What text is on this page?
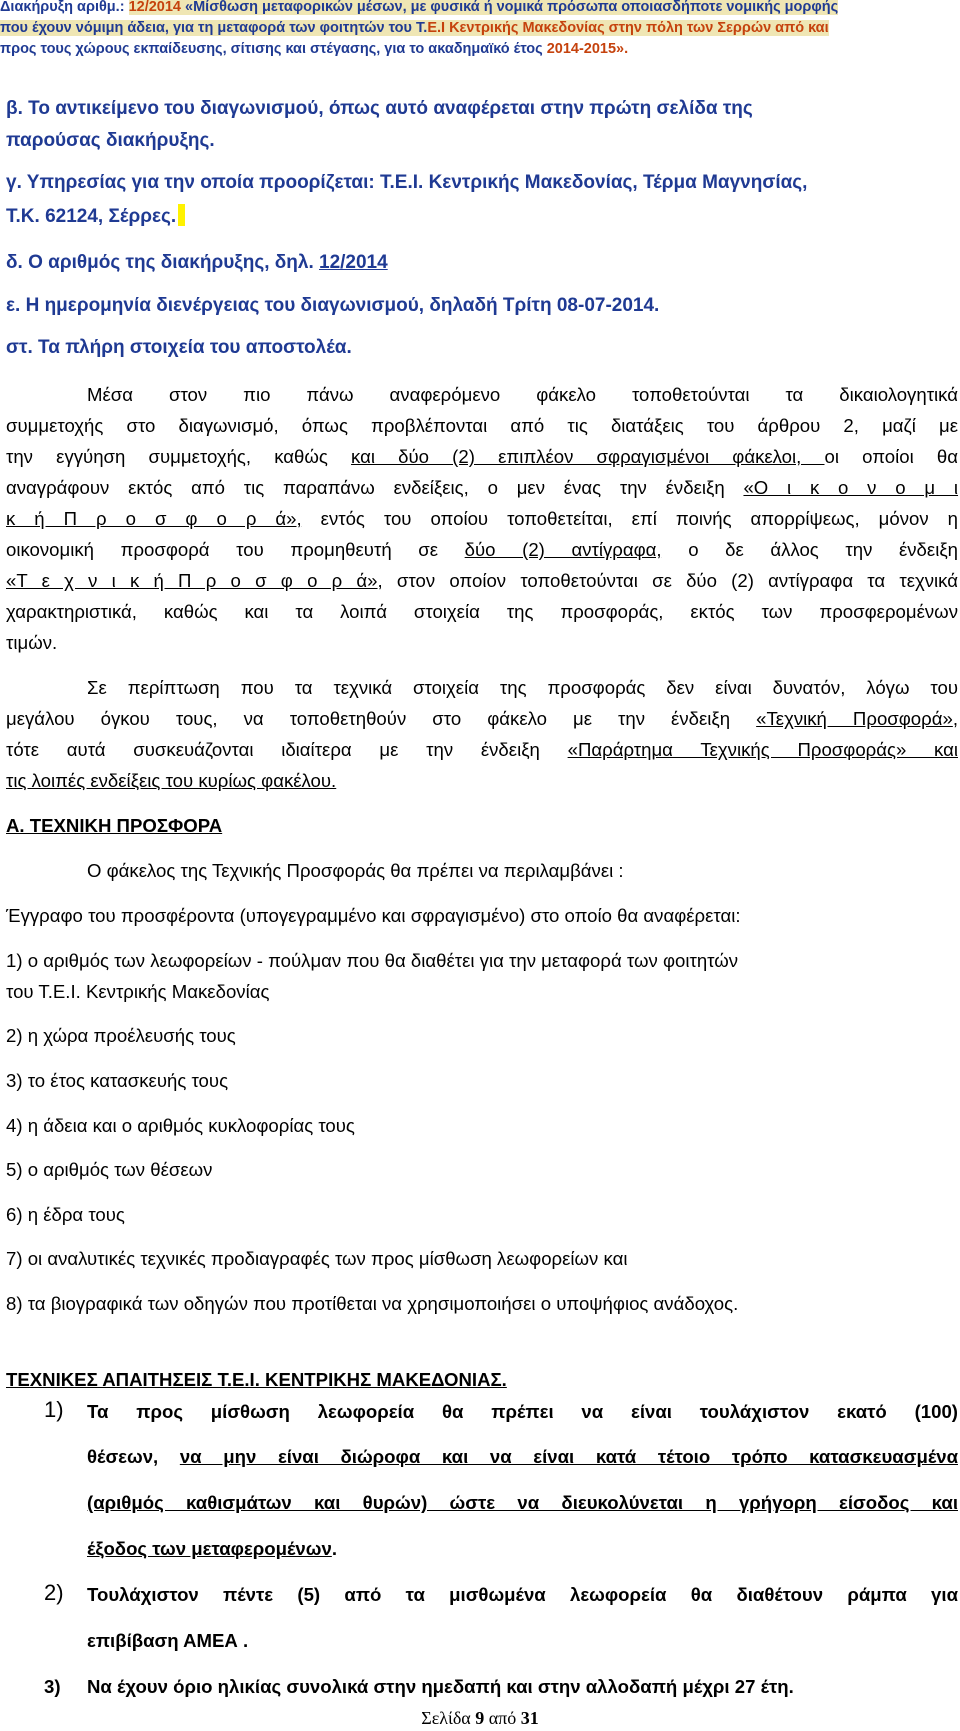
Διακήρυξη αριθμ.: 12/2014 «Μίσθωση μεταφορικών μέσων, με φυσικά ή νομικά πρόσωπα οποιασδήποτε νομικής μορφής
που έχουν νόμιμη άδεια, για τη μεταφορά των φοιτητών του Τ.Ε.Ι Κεντρικής Μακεδονίας στην πόλη των Σερρών από και
προς τους χώρους εκπαίδευσης, σίτισης και στέγασης, για το ακαδημαϊκό έτος 2014-2015».
β. Το αντικείμενο του διαγωνισμού, όπως αυτό αναφέρεται στην πρώτη σελίδα της
παρούσας διακήρυξης.
γ. Υπηρεσίας για την οποία προορίζεται: Τ.Ε.Ι. Κεντρικής Μακεδονίας, Τέρμα Μαγνησίας,
Τ.Κ. 62124, Σέρρες.
δ. Ο αριθμός της διακήρυξης, δηλ. 12/2014
ε. Η ημερομηνία διενέργειας του διαγωνισμού, δηλαδή Τρίτη 08-07-2014.
στ. Τα πλήρη στοιχεία του αποστολέα.
Μέσα στον πιο πάνω αναφερόμενο φάκελο τοποθετούνται τα δικαιολογητικά
συμμετοχής στο διαγωνισμό, όπως προβλέπονται από τις διατάξεις του άρθρου 2, μαζί με
την εγγύηση συμμετοχής, καθώς και δύο (2) επιπλέον σφραγισμένοι φάκελοι, οι οποίοι θα
αναγράφουν εκτός από τις παραπάνω ενδείξεις, ο μεν ένας την ένδειξη «Ο ι κ ο ν ο μ ι
κ ή Π ρ ο σ φ ο ρ ά», εντός του οποίου τοποθετείται, επί ποινής απορρίψεως, μόνον η
οικονομική προσφορά του προμηθευτή σε δύο (2) αντίγραφα, ο δε άλλος την ένδειξη
«Τ ε χ ν ι κ ή Π ρ ο σ φ ο ρ ά», στον οποίον τοποθετούνται σε δύο (2) αντίγραφα τα τεχνικά
χαρακτηριστικά, καθώς και τα λοιπά στοιχεία της προσφοράς, εκτός των προσφερομένων
τιμών.
Σε περίπτωση που τα τεχνικά στοιχεία της προσφοράς δεν είναι δυνατόν, λόγω του
μεγάλου όγκου τους, να τοποθετηθούν στο φάκελο με την ένδειξη «Τεχνική Προσφορά»,
τότε αυτά συσκευάζονται ιδιαίτερα με την ένδειξη «Παράρτημα Τεχνικής Προσφοράς» και
τις λοιπές ενδείξεις του κυρίως φακέλου.
Α. ΤΕΧΝΙΚΗ ΠΡΟΣΦΟΡΑ
Ο φάκελος της Τεχνικής Προσφοράς θα πρέπει να περιλαμβάνει :
Έγγραφο του προσφέροντα (υπογεγραμμένο και σφραγισμένο) στο οποίο θα αναφέρεται:
1) ο αριθμός των λεωφορείων - πούλμαν που θα διαθέτει για την μεταφορά των φοιτητών
του Τ.Ε.Ι. Κεντρικής Μακεδονίας
2) η χώρα προέλευσής τους
3) το έτος κατασκευής τους
4) η άδεια και ο αριθμός κυκλοφορίας τους
5) ο αριθμός των θέσεων
6) η έδρα τους
7) οι αναλυτικές τεχνικές προδιαγραφές των προς μίσθωση λεωφορείων και
8) τα βιογραφικά των οδηγών που προτίθεται να χρησιμοποιήσει ο υποψήφιος ανάδοχος.
ΤΕΧΝΙΚΕΣ ΑΠΑΙΤΗΣΕΙΣ Τ.Ε.Ι. ΚΕΝΤΡΙΚΗΣ ΜΑΚΕΔΟΝΙΑΣ.
1) Τα προς μίσθωση λεωφορεία θα πρέπει να είναι τουλάχιστον εκατό (100)
θέσεων, να μην είναι διώροφα και να είναι κατά τέτοιο τρόπο κατασκευασμένα
(αριθμός καθισμάτων και θυρών) ώστε να διευκολύνεται η γρήγορη είσοδος και
έξοδος των μεταφερομένων.
2) Τουλάχιστον πέντε (5) από τα μισθωμένα λεωφορεία θα διαθέτουν ράμπα για
επιβίβαση ΑΜΕΑ .
3) Να έχουν όριο ηλικίας συνολικά στην ημεδαπή και στην αλλοδαπή μέχρι 27 έτη.
Σελίδα 9 από 31
